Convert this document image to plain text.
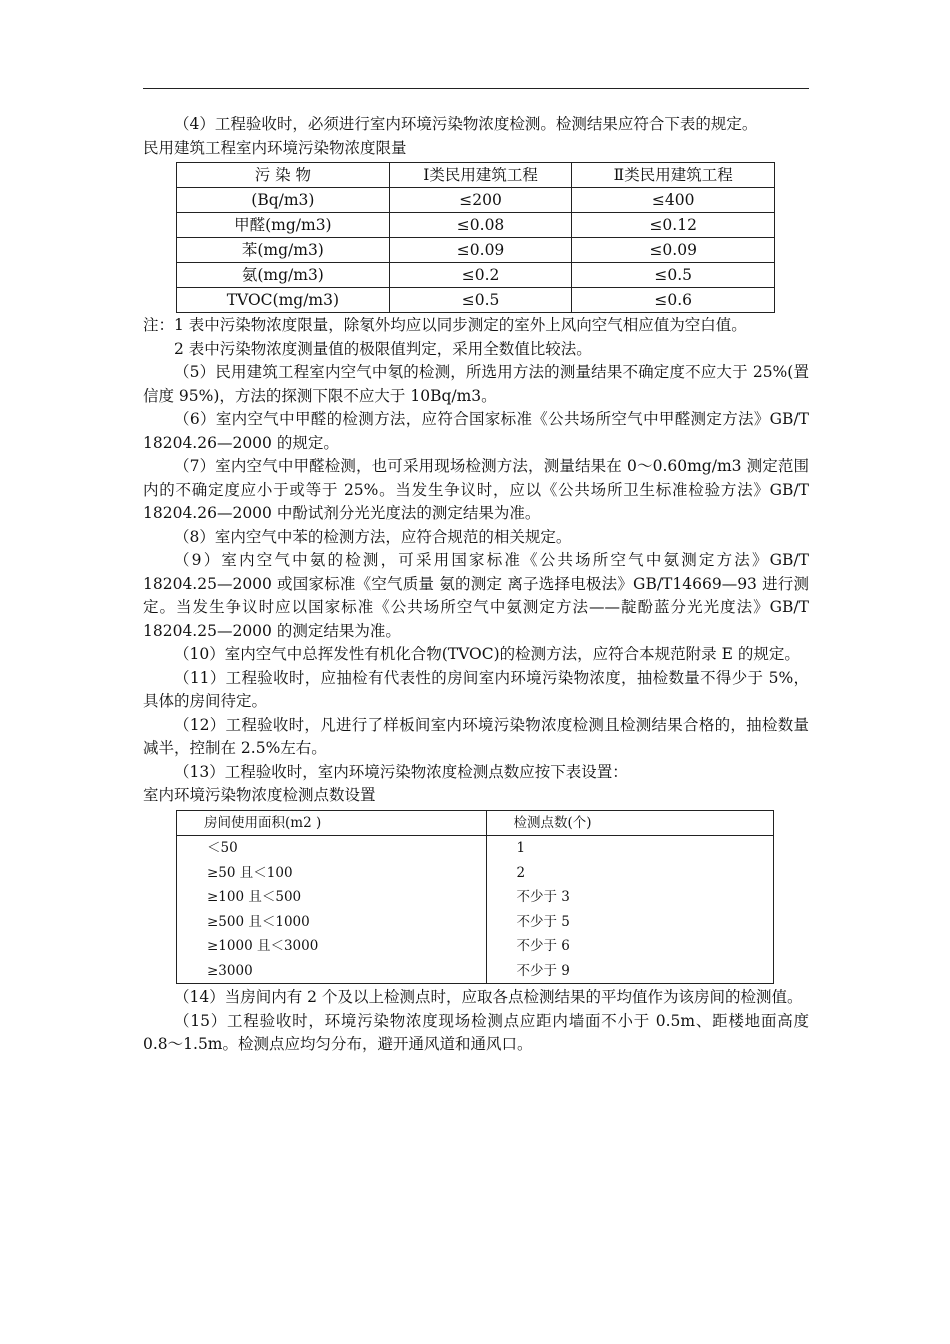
（4）工程验收时，必须进行室内环境污染物浓度检测。检测结果应符合下表的规定。

民用建筑工程室内环境污染物浓度限量

污 染 物	Ⅰ类民用建筑工程	Ⅱ类民用建筑工程
(Bq/m3)	≤200	≤400
甲醛(mg/m3)	≤0.08	≤0.12
苯(mg/m3)	≤0.09	≤0.09
氨(mg/m3)	≤0.2	≤0.5
TVOC(mg/m3)	≤0.5	≤0.6

注：1 表中污染物浓度限量，除氡外均应以同步测定的室外上风向空气相应值为空白值。

2 表中污染物浓度测量值的极限值判定，采用全数值比较法。

（5）民用建筑工程室内空气中氡的检测，所选用方法的测量结果不确定度不应大于 25%(置信度 95%)，方法的探测下限不应大于 10Bq/m3。

（6）室内空气中甲醛的检测方法，应符合国家标准《公共场所空气中甲醛测定方法》GB/T 18204.26—2000 的规定。

（7）室内空气中甲醛检测，也可采用现场检测方法，测量结果在 0～0.60mg/m3 测定范围内的不确定度应小于或等于 25%。当发生争议时，应以《公共场所卫生标准检验方法》GB/T 18204.26—2000 中酚试剂分光光度法的测定结果为准。

（8）室内空气中苯的检测方法，应符合规范的相关规定。

（9）室内空气中氨的检测，可采用国家标准《公共场所空气中氨测定方法》GB/T 18204.25—2000 或国家标准《空气质量 氨的测定 离子选择电极法》GB/T14669—93 进行测定。当发生争议时应以国家标准《公共场所空气中氨测定方法——靛酚蓝分光光度法》GB/T 18204.25—2000 的测定结果为准。

（10）室内空气中总挥发性有机化合物(TVOC)的检测方法，应符合本规范附录 E 的规定。

（11）工程验收时，应抽检有代表性的房间室内环境污染物浓度，抽检数量不得少于 5%，具体的房间待定。

（12）工程验收时，凡进行了样板间室内环境污染物浓度检测且检测结果合格的，抽检数量减半，控制在 2.5%左右。

（13）工程验收时，室内环境污染物浓度检测点数应按下表设置：

室内环境污染物浓度检测点数设置

房间使用面积(m2 )	检测点数(个)
＜50	1
≥50 且＜100	2
≥100 且＜500	不少于 3
≥500 且＜1000	不少于 5
≥1000 且＜3000	不少于 6
≥3000	不少于 9

（14）当房间内有 2 个及以上检测点时，应取各点检测结果的平均值作为该房间的检测值。

（15）工程验收时，环境污染物浓度现场检测点应距内墙面不小于 0.5m、距楼地面高度 0.8～1.5m。检测点应均匀分布，避开通风道和通风口。
